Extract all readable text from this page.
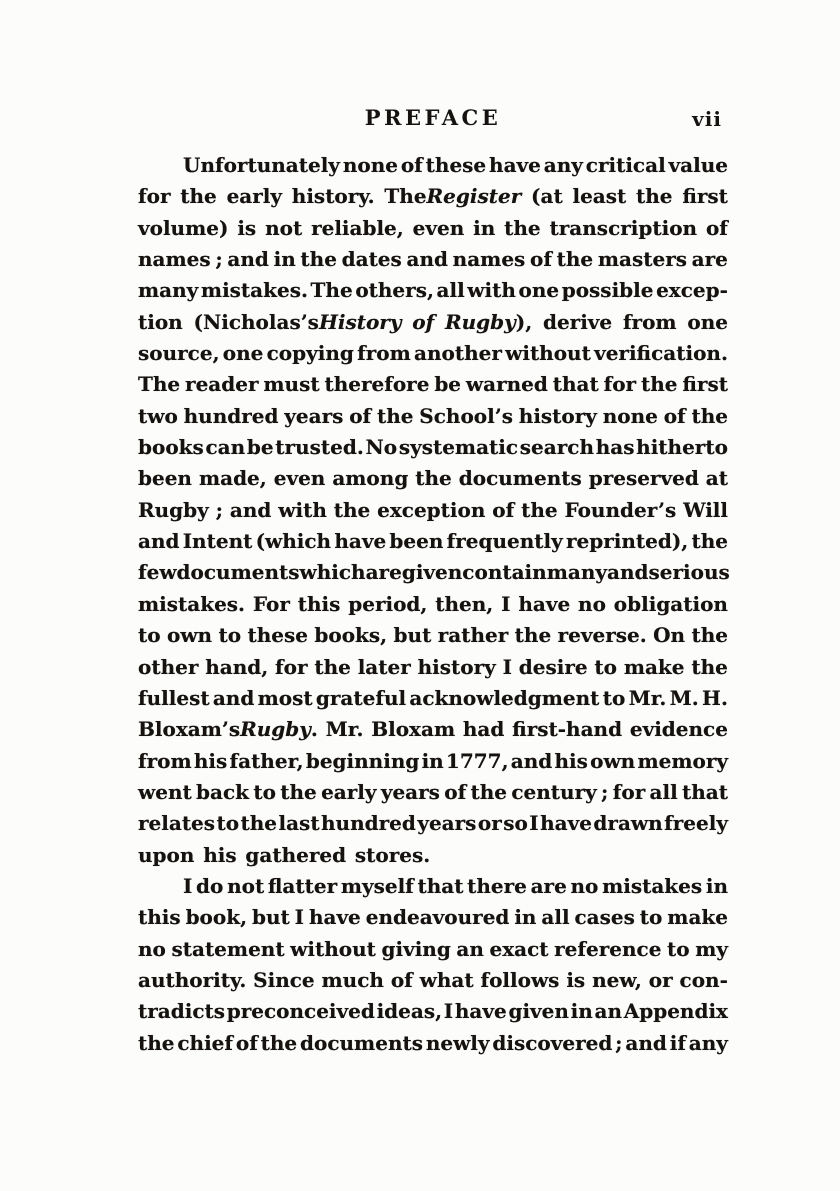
PREFACE	vii
Unfortunately none of these have any critical value
for the early history. TheRegister (at least the first
volume) is not reliable, even in the transcription of
names ; and in the dates and names of the masters are
many mistakes. The others, all with one possible excep-
tion (Nicholas’sHistory of Rugby), derive from one
source, one copying from another without verification.
The reader must therefore be warned that for the first
two hundred years of the School’s history none of the
books can be trusted. No systematic search has hitherto
been made, even among the documents preserved at
Rugby ; and with the exception of the Founder’s Will
and Intent (which have been frequently reprinted), the
few documents which are given contain many and serious
mistakes. For this period, then, I have no obligation
to own to these books, but rather the reverse. On the
other hand, for the later history I desire to make the
fullest and most grateful acknowledgment to Mr. M. H.
Bloxam’sRugby. Mr. Bloxam had first-hand evidence
from his father, beginning in 1777, and his own memory
went back to the early years of the century ; for all that
relates to the last hundred years or so I have drawn freely
upon his gathered stores.
I do not flatter myself that there are no mistakes in
this book, but I have endeavoured in all cases to make
no statement without giving an exact reference to my
authority. Since much of what follows is new, or con-
tradicts preconceived ideas, I have given in an Appendix
the chief of the documents newly discovered ; and if any
